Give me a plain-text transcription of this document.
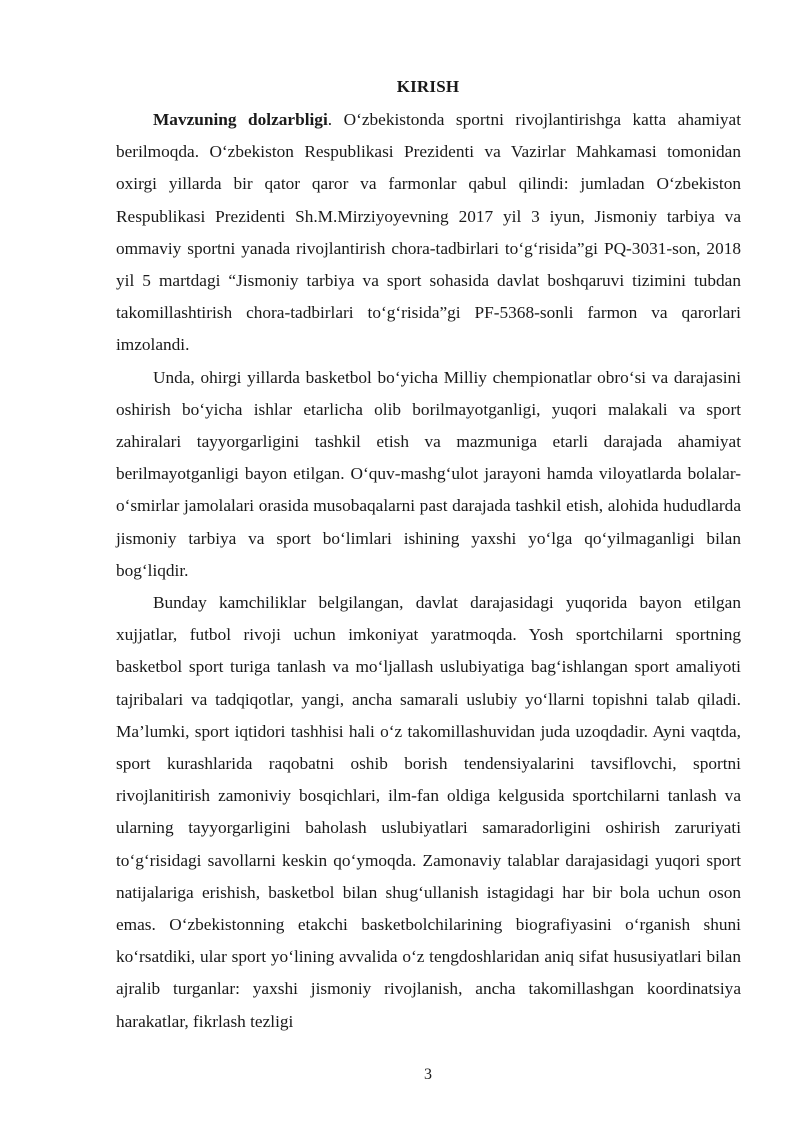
KIRISH

Mavzuning dolzarbligi. O‘zbekistonda sportni rivojlantirishga katta ahamiyat berilmoqda. O‘zbekiston Respublikasi Prezidenti va Vazirlar Mahkamasi tomonidan oxirgi yillarda bir qator qaror va farmonlar qabul qilindi: jumladan O‘zbekiston Respublikasi Prezidenti Sh.M.Mirziyoyevning 2017 yil 3 iyun, Jismoniy tarbiya va ommaviy sportni yanada rivojlantirish chora-tadbirlari to‘g‘risida”gi PQ-3031-son, 2018 yil 5 martdagi “Jismoniy tarbiya va sport sohasida davlat boshqaruvi tizimini tubdan takomillashtirish chora-tadbirlari to‘g‘risida”gi PF-5368-sonli farmon va qarorlari imzolandi.

Unda, ohirgi yillarda basketbol bo‘yicha Milliy chempionatlar obro‘si va darajasini oshirish bo‘yicha ishlar etarlicha olib borilmayotganligi, yuqori malakali va sport zahiralari tayyorgarligini tashkil etish va mazmuniga etarli darajada ahamiyat berilmayotganligi bayon etilgan. O‘quv-mashg‘ulot jarayoni hamda viloyatlarda bolalar-o‘smirlar jamolalari orasida musobaqalarni past darajada tashkil etish, alohida hududlarda jismoniy tarbiya va sport bo‘limlari ishining yaxshi yo‘lga qo‘yilmaganligi bilan bog‘liqdir.

Bunday kamchiliklar belgilangan, davlat darajasidagi yuqorida bayon etilgan xujjatlar, futbol rivoji uchun imkoniyat yaratmoqda. Yosh sportchilarni sportning basketbol sport turiga tanlash va mo‘ljallash uslubiyatiga bag‘ishlangan sport amaliyoti tajribalari va tadqiqotlar, yangi, ancha samarali uslubiy yo‘llarni topishni talab qiladi. Ma’lumki, sport iqtidori tashhisi hali o‘z takomillashuvidan juda uzoqdadir. Ayni vaqtda, sport kurashlarida raqobatni oshib borish tendensiyalarini tavsiflovchi, sportni rivojlanitirish zamoniviy bosqichlari, ilm-fan oldiga kelgusida sportchilarni tanlash va ularning tayyorgarligini baholash uslubiyatlari samaradorligini oshirish zaruriyati to‘g‘risidagi savollarni keskin qo‘ymoqda. Zamonaviy talablar darajasidagi yuqori sport natijalariga erishish, basketbol bilan shug‘ullanish istagidagi har bir bola uchun oson emas. O‘zbekistonning etakchi basketbolchilarining biografiyasini o‘rganish shuni ko‘rsatdiki, ular sport yo‘lining avvalida o‘z tengdoshlaridan aniq sifat hususiyatlari bilan ajralib turganlar: yaxshi jismoniy rivojlanish, ancha takomillashgan koordinatsiya harakatlar, fikrlash tezligi

3
